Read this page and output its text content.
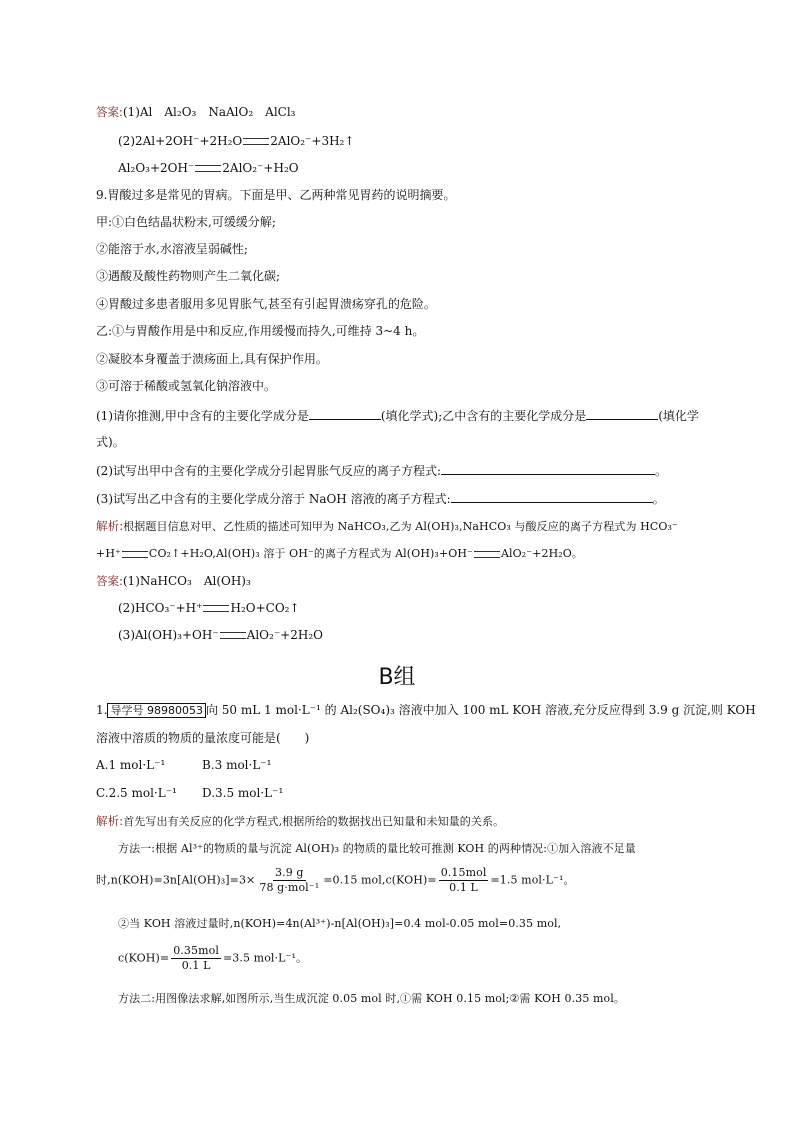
答案:(1)Al　Al₂O₃　NaAlO₂　AlCl₃
(2)2Al+2OH⁻+2H₂O 2AlO₂⁻+3H₂↑
Al₂O₃+2OH⁻ 2AlO₂⁻+H₂O
9.胃酸过多是常见的胃病。下面是甲、乙两种常见胃药的说明摘要。
甲:①白色结晶状粉末,可缓缓分解;
②能溶于水,水溶液呈弱碱性;
③遇酸及酸性药物则产生二氧化碳;
④胃酸过多患者服用多见胃胀气,甚至有引起胃溃疡穿孔的危险。
乙:①与胃酸作用是中和反应,作用缓慢而持久,可维持 3~4 h。
②凝胶本身覆盖于溃疡面上,具有保护作用。
③可溶于稀酸或氢氧化钠溶液中。
(1)请你推测,甲中含有的主要化学成分是	(填化学式);乙中含有的主要化学成分是	(填化学
式)。
(2)试写出甲中含有的主要化学成分引起胃胀气反应的离子方程式:	。
(3)试写出乙中含有的主要化学成分溶于 NaOH 溶液的离子方程式:	。
解析:根据题目信息对甲、乙性质的描述可知甲为 NaHCO₃,乙为 Al(OH)₃,NaHCO₃ 与酸反应的离子方程式为 HCO₃⁻
+H⁺	CO₂↑+H₂O,Al(OH)₃ 溶于 OH⁻的离子方程式为 Al(OH)₃+OH⁻	AlO₂⁻+2H₂O。
答案:(1)NaHCO₃　Al(OH)₃
(2)HCO₃⁻+H⁺ H₂O+CO₂↑
(3)Al(OH)₃+OH⁻ AlO₂⁻+2H₂O
B组
1. 导学号 98980053 向 50 mL 1 mol·L⁻¹ 的 Al₂(SO₄)₃ 溶液中加入 100 mL KOH 溶液,充分反应得到 3.9 g 沉淀,则 KOH
溶液中溶质的物质的量浓度可能是(　　)
A.1 mol·L⁻¹	B.3 mol·L⁻¹
C.2.5 mol·L⁻¹ D.3.5 mol·L⁻¹
解析:首先写出有关反应的化学方程式,根据所给的数据找出已知量和未知量的关系。
方法一:根据 Al³⁺的物质的量与沉淀 Al(OH)₃ 的物质的量比较可推测 KOH 的两种情况:①加入溶液不足量
时$,n(KOH)=3n[Al(OH)_3]=3\times \frac{3.9 g}{\text{78 g·mol⁻¹}} =0.15$ $mol,c(KOH)= \frac{\text{0.15mol}}{0.1 L} =1.5$ mol·L⁻¹。
②当 KOH 溶液过量时,n(KOH)=4n(Al³⁺)-n[Al(OH)₃]=0.4 mol-0.05 mol=0.35 mol,
$c(KOH)= \frac{\text{0.35mol}}{0.1 L} =3.5$ mol·L⁻¹。
方法二:用图像法求解,如图所示,当生成沉淀 0.05 mol 时,①需 KOH 0.15 mol;②需 KOH 0.35 mol。
